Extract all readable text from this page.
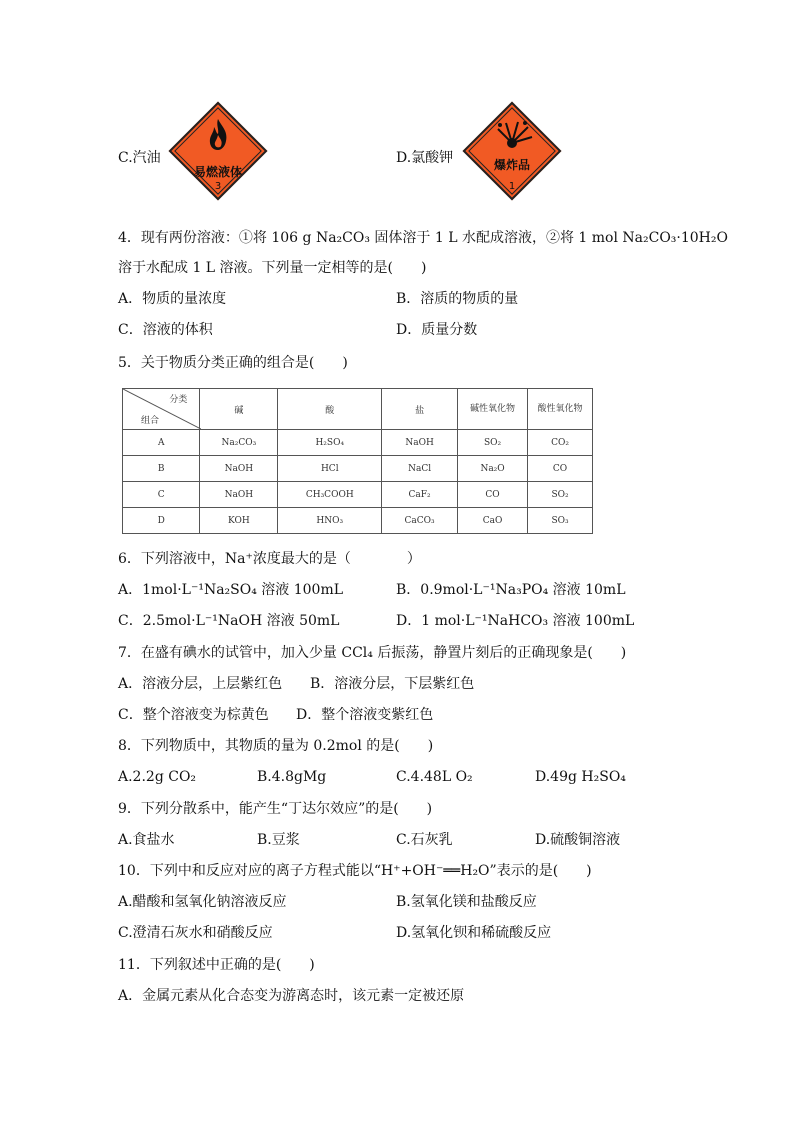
C.汽油
易燃液体
3
D.氯酸钾	爆炸品
1
4．现有两份溶液：①将 106 g Na₂CO₃ 固体溶于 1 L 水配成溶液，②将 1 mol Na₂CO₃·10H₂O
溶于水配成 1 L 溶液。下列量一定相等的是(　　)
A．物质的量浓度	B．溶质的物质的量
C．溶液的体积	D．质量分数
5．关于物质分类正确的组合是(　　)
分类
组合	碱	酸	盐	碱性氧化物	酸性氧化物
A	Na₂CO₃	H₂SO₄	NaOH	SO₂	CO₂
B	NaOH	HCl	NaCl	Na₂O	CO
C	NaOH	CH₃COOH	CaF₂	CO	SO₂
D	KOH	HNO₃	CaCO₃	CaO	SO₃
6．下列溶液中，Na⁺浓度最大的是（　　　　）
A．1mol·L⁻¹Na₂SO₄ 溶液 100mL	B．0.9mol·L⁻¹Na₃PO₄ 溶液 10mL
C．2.5mol·L⁻¹NaOH 溶液 50mL	D．1 mol·L⁻¹NaHCO₃ 溶液 100mL
7．在盛有碘水的试管中，加入少量 CCl₄ 后振荡，静置片刻后的正确现象是(　　)
A．溶液分层，上层紫红色 B．溶液分层，下层紫红色
C．整个溶液变为棕黄色 D．整个溶液变紫红色
8．下列物质中，其物质的量为 0.2mol 的是(　　)
A.2.2g CO₂	B.4.8gMg	C.4.48L O₂	D.49g H₂SO₄
9．下列分散系中，能产生“丁达尔效应”的是(　　)
A.食盐水	B.豆浆	C.石灰乳	D.硫酸铜溶液
10．下列中和反应对应的离子方程式能以“H⁺+OH⁻══H₂O”表示的是(　　)
A.醋酸和氢氧化钠溶液反应	B.氢氧化镁和盐酸反应
C.澄清石灰水和硝酸反应	D.氢氧化钡和稀硫酸反应
11．下列叙述中正确的是(　　)
A．金属元素从化合态变为游离态时，该元素一定被还原
